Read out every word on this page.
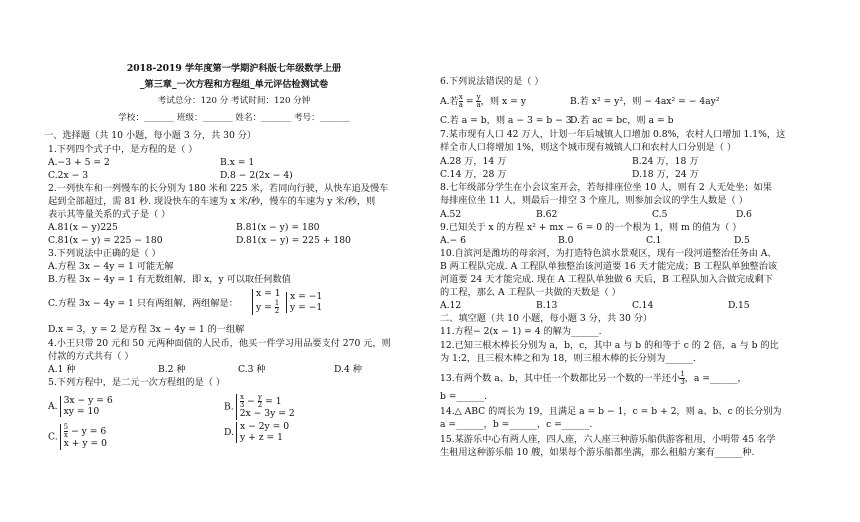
2018-2019 学年度第一学期沪科版七年级数学上册
_第三章_一次方程和方程组_单元评估检测试卷
考试总分：120 分 考试时间：120 分钟
学校：_______ 班级：_______ 姓名：_______ 考号：_______
一、选择题（共 10 小题，每小题 3 分，共 30 分）
1.下列四个式子中，是方程的是（ ）
A.−3 + 5 = 2	B.x = 1
C.2x − 3	D.8 − 2(2x − 4)
2.一列快车和一列慢车的长分别为 180 米和 225 米，若同向行驶，从快车追及慢车
起到全部超过，需 81 秒. 现设快车的车速为 x 米/秒，慢车的车速为 y 米/秒，则
表示其等量关系的式子是（ ）
A.81(x − y)225	B.81(x − y) = 180
C.81(x − y) = 225 − 180	D.81(x − y) = 225 + 180
3.下列说法中正确的是（ ）
A.方程 3x − 4y = 1 可能无解
B.方程 3x − 4y = 1 有无数组解，即 x，y 可以取任何数值
C.方程 3x − 4y = 1 只有两组解，两组解是：
x = 1
$y = \frac{1}{2}$
x = −1
y = −1
D.x = 3，y = 2 是方程 3x − 4y = 1 的一组解
4.小王只带 20 元和 50 元两种面值的人民币，他买一件学习用品要支付 270 元，则
付款的方式共有（ ）
A.1 种	B.2 种	C.3 种	D.4 种
5.下列方程中，是二元一次方程组的是（ ）
A.3x − y = 6
xy = 10	B. $\frac{x}{3} - \frac{y}{2} = 1$
2x − 3y = 2
C. $\frac{5}{x} - y = 6$
x + y = 0
D.x − 2y = 0
y + z = 1
6.下列说法错误的是（ ）
A.若 $\frac{x}{a} = \frac{y}{a}$ ，则 x = y	B.若 x² = y²，则 − 4ax² = − 4ay²
C.若 a = b，则 a − 3 = b − 3
D.若 ac = bc，则 a = b
7.某市现有人口 42 万人，计划一年后城镇人口增加 0.8%，农村人口增加 1.1%，这
样全市人口将增加 1%，则这个城市现有城镇人口和农村人口分别是（ ）
A.28 万，14 万	B.24 万，18 万
C.14 万，28 万	D.18 万，24 万
8.七年级部分学生在小会议室开会，若每排座位坐 10 人，则有 2 人无处坐；如果
每排座位坐 11 人，则最后一排空 3 个座儿，则参加会议的学生人数是（ ）
A.52	B.62	C.5	D.6
9.已知关于 x 的方程 x² + mx − 6 = 0 的一个根为 1，则 m 的值为（ ）
A.− 6	B.0	C.1	D.5
10.自滨河是潍坊的母亲河，为打造特色滨水景观区，现有一段河道整治任务由 A、
B 两工程队完成. A 工程队单独整治该河道要 16 天才能完成；B 工程队单独整治该
河道要 24 天才能完成. 现在 A 工程队单独做 6 天后，B 工程队加入合做完成剩下
的工程，那么 A 工程队一共做的天数是（ ）
A.12	B.13	C.14	D.15
二、填空题（共 10 小题，每小题 3 分，共 30 分）
11.方程− 2(x − 1) = 4 的解为______.
12.已知三根木棒长分别为 a，b，c，其中 a 与 b 的和等于 c 的 2 倍，a 与 b 的比
为 1:2，且三根木棒之和为 18，则三根木棒的长分别为______.
13.有两个数 a、b，其中任一个数都比另一个数的一半还小 $\frac{1}{3}$ ，a =______，
b =______.
14.△ ABC 的周长为 19，且满足 a = b − 1，c = b + 2，则 a、b、c 的长分别为
a =______，b =______，c =______.
15.某游乐中心有两人座，四人座，六人座三种游乐船供游客租用，小明带 45 名学
生租用这种游乐船 10 艘，如果每个游乐船都坐满，那么租船方案有______种.
